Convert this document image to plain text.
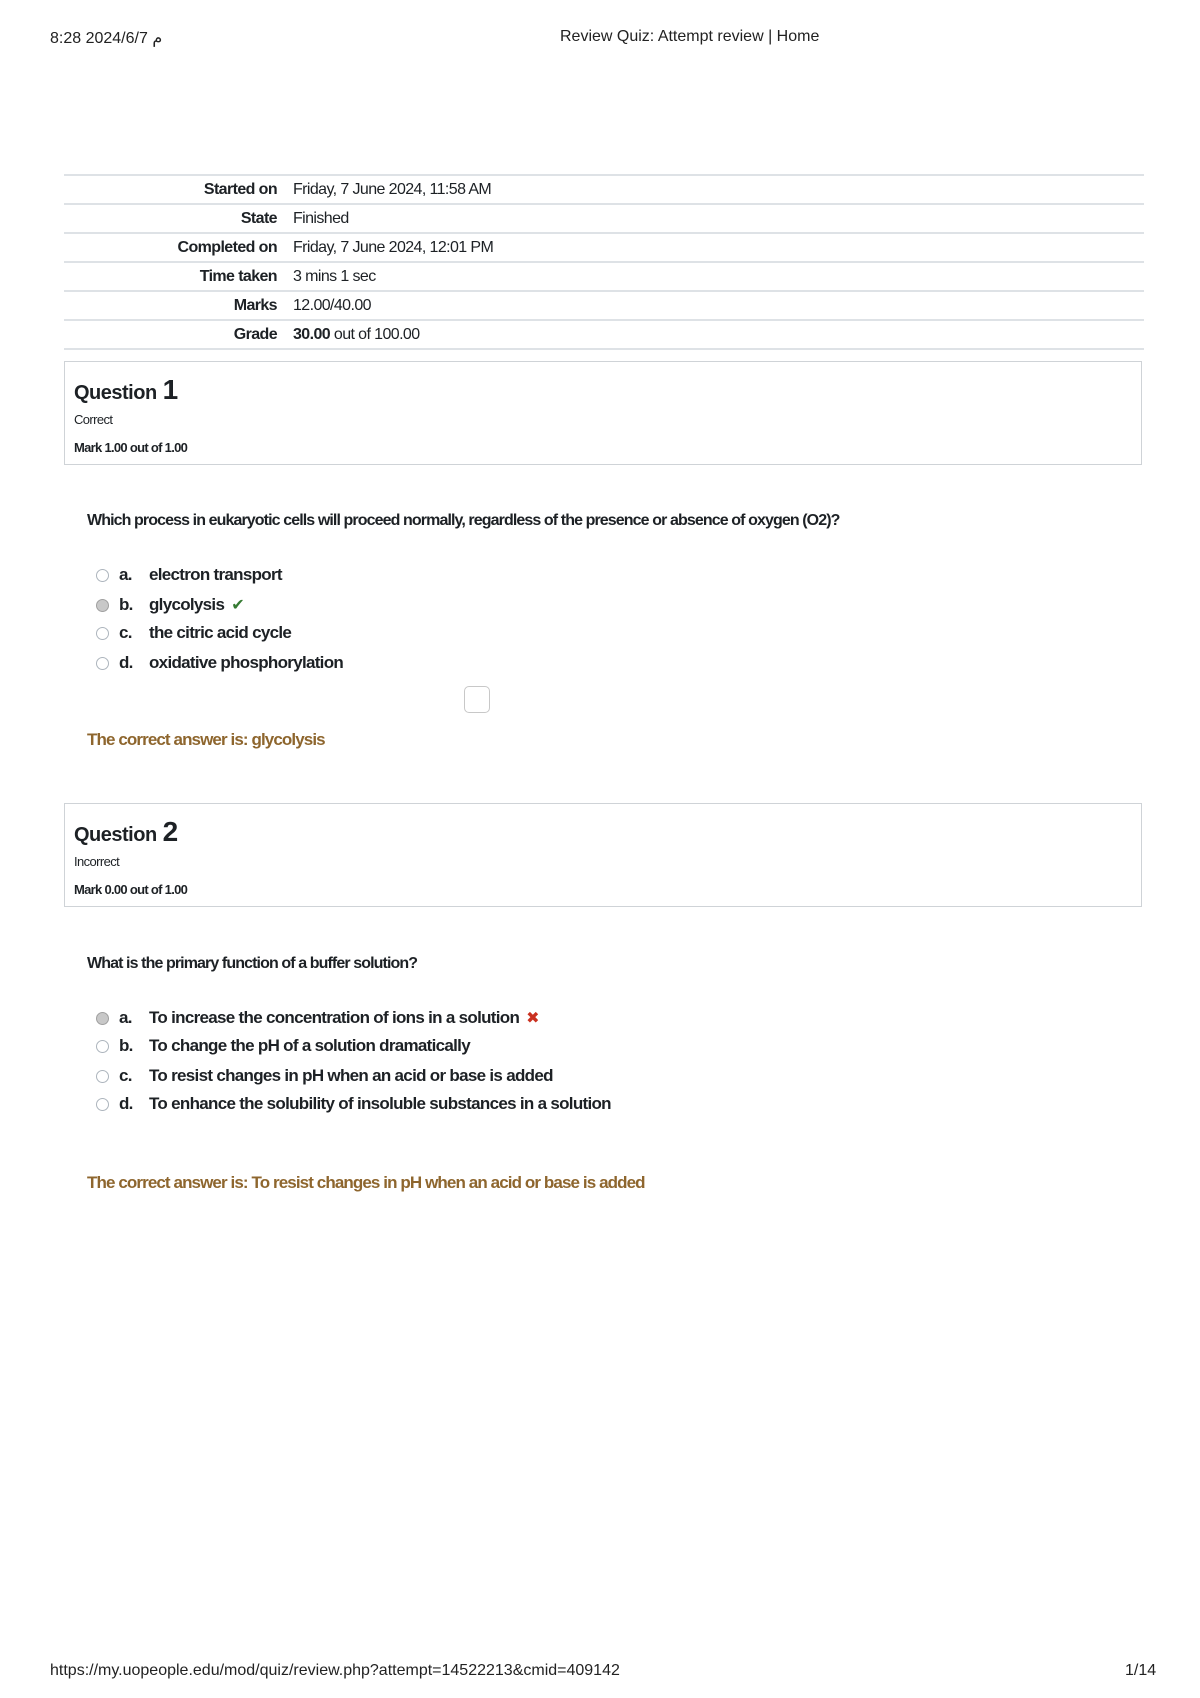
8:28 2024/6/7 م	Review Quiz: Attempt review | Home
Started on	Friday, 7 June 2024, 11:58 AM
State	Finished
Completed on	Friday, 7 June 2024, 12:01 PM
Time taken	3 mins 1 sec
Marks	12.00/40.00
Grade	30.00 out of 100.00
Question 1
Correct
Mark 1.00 out of 1.00
Which process in eukaryotic cells will proceed normally, regardless of the presence or absence of oxygen (O2)?
a. electron transport
b. glycolysis ✔
c. the citric acid cycle
d. oxidative phosphorylation
The correct answer is: glycolysis
Question 2
Incorrect
Mark 0.00 out of 1.00
What is the primary function of a buffer solution?
a. To increase the concentration of ions in a solution ✖
b. To change the pH of a solution dramatically
c. To resist changes in pH when an acid or base is added
d. To enhance the solubility of insoluble substances in a solution
The correct answer is: To resist changes in pH when an acid or base is added
https://my.uopeople.edu/mod/quiz/review.php?attempt=14522213&cmid=409142	1/14
